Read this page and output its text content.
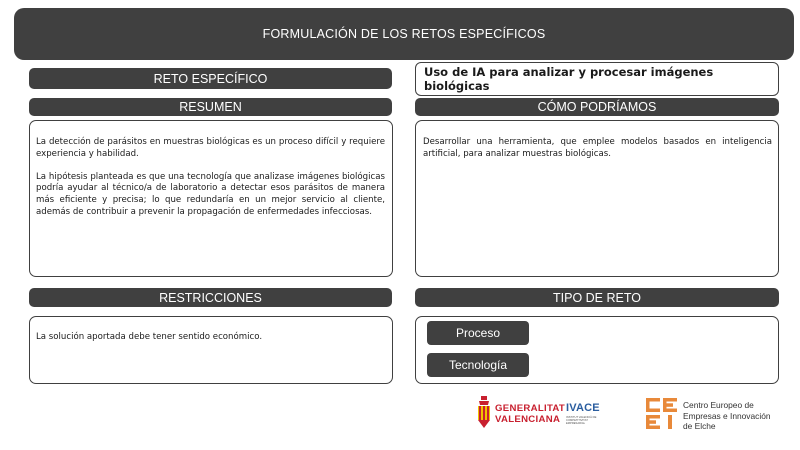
FORMULACIÓN DE LOS RETOS ESPECÍFICOS
RETO ESPECÍFICO	Uso de IA para analizar y procesar imágenes biológicas
RESUMEN

La detección de parásitos en muestras biológicas es un proceso difícil y requiere experiencia y habilidad.

La hipótesis planteada es que una tecnología que analizase imágenes biológicas podría ayudar al técnico/a de laboratorio a detectar esos parásitos de manera más eficiente y precisa; lo que redundaría en un mejor servicio al cliente, además de contribuir a prevenir la propagación de enfermedades infecciosas.

CÓMO PODRÍAMOS

Desarrollar una herramienta, que emplee modelos basados en inteligencia artificial, para analizar muestras biológicas.

RESTRICCIONES

La solución aportada debe tener sentido económico.

TIPO DE RETO
Proceso
Tecnología
GENERALITAT
VALENCIANA
IVACE
INSTITUT VALENCIÀ DE COMPETITIVITAT EMPRESARIAL
Centro Europeo de
Empresas e Innovación
de Elche
